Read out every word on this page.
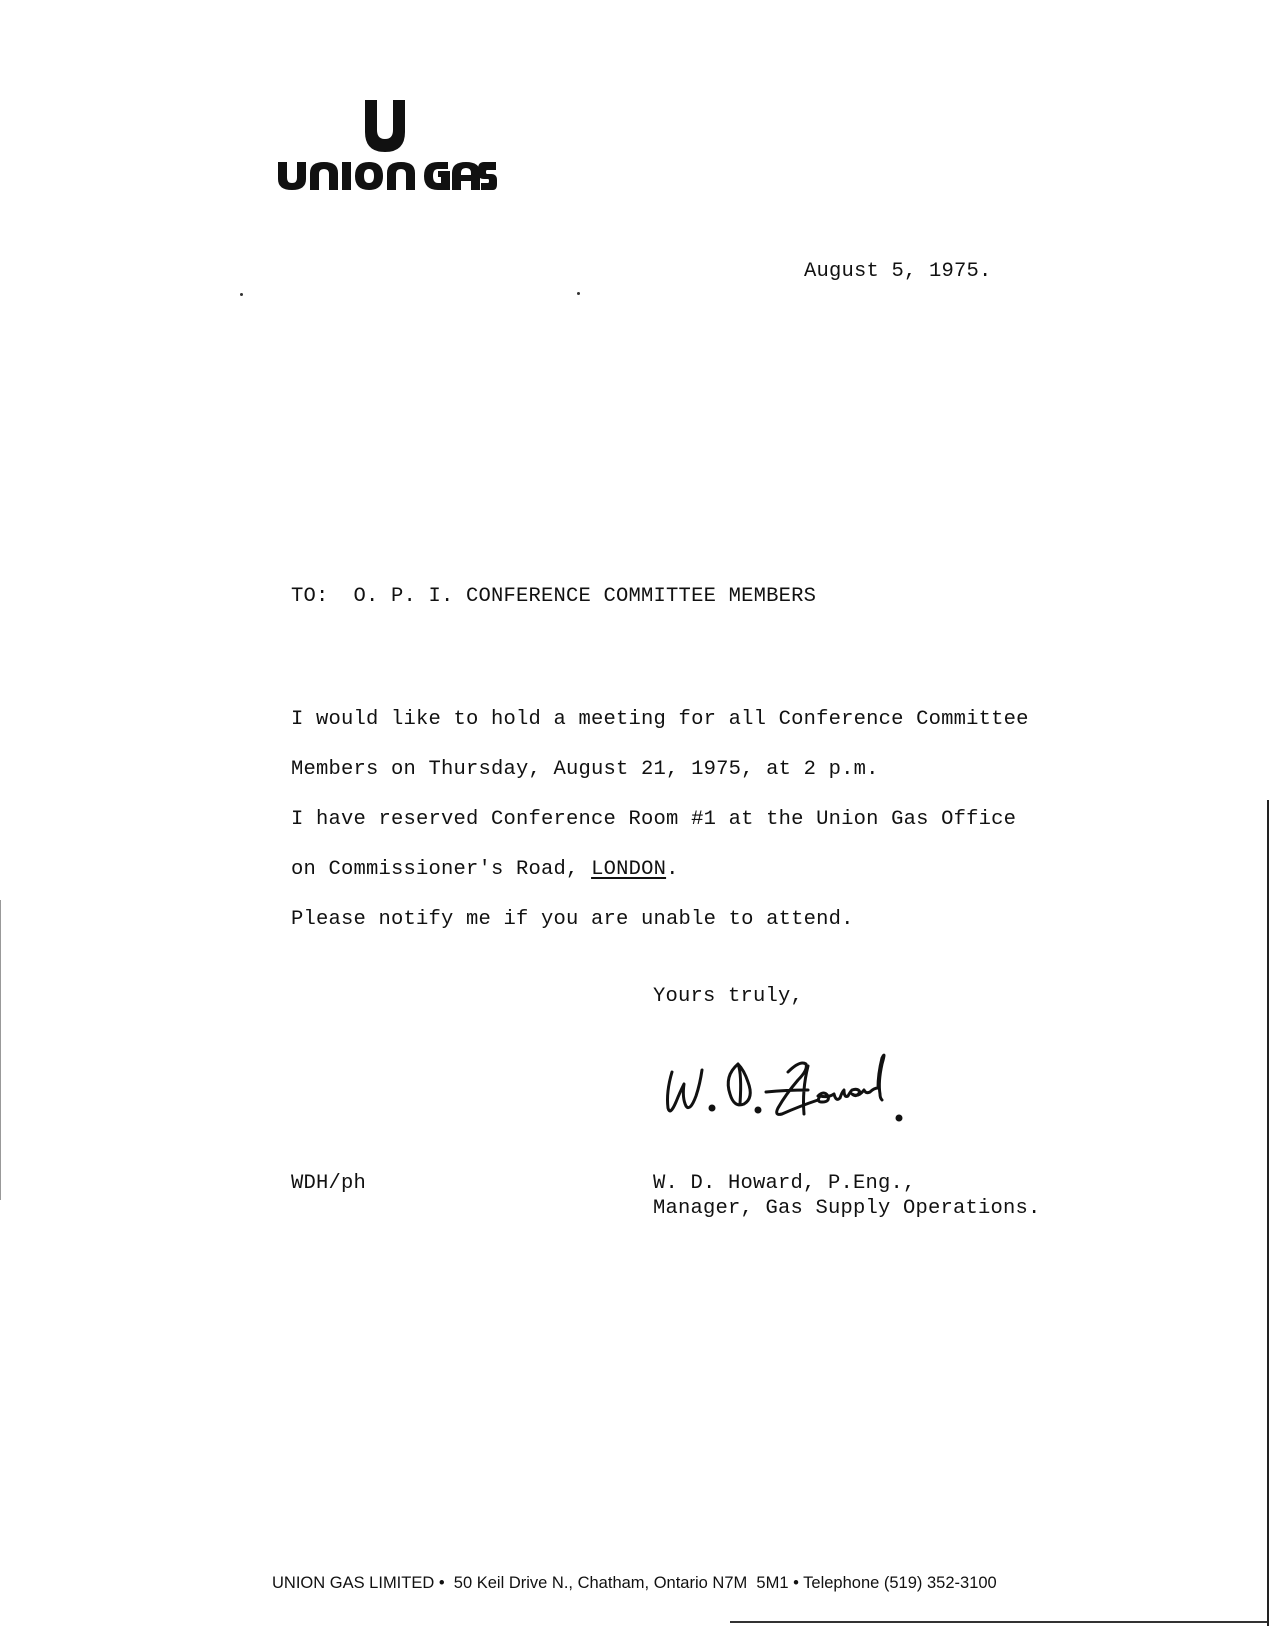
August 5, 1975.
TO:  O. P. I. CONFERENCE COMMITTEE MEMBERS
I would like to hold a meeting for all Conference Committee
Members on Thursday, August 21, 1975, at 2 p.m.
I have reserved Conference Room #1 at the Union Gas Office
on Commissioner's Road, LONDON.
Please notify me if you are unable to attend.
Yours truly,
WDH/ph	W. D. Howard, P.Eng.,
Manager, Gas Supply Operations.
UNION GAS LIMITED •  50 Keil Drive N., Chatham, Ontario N7M  5M1 • Telephone (519) 352-3100
